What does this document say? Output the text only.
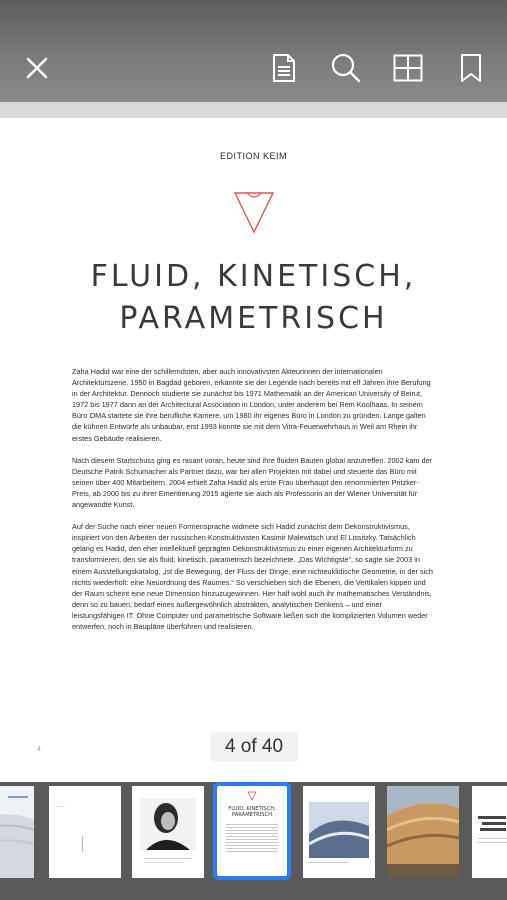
EDITION KEIM
FLUID, KINETISCH,
PARAMETRISCH

Zaha Hadid war eine der schillerndsten, aber auch innovativsten Akteurinnen der internationalen Architekturszene. 1950 in Bagdad geboren, erkannte sie der Legende nach bereits mit elf Jahren ihre Berufung in der Architektur. Dennoch studierte sie zunächst bis 1971 Mathematik an der American University of Beirut, 1972 bis 1977 dann an der Architectural Association in London, unter anderem bei Rem Koolhaas. In seinem Büro OMA startete sie ihre berufliche Karriere, um 1980 ihr eigenes Büro in London zu gründen. Lange galten die kühnen Entwürfe als unbaubar, erst 1993 konnte sie mit dem Vitra-Feuerwehrhaus in Weil am Rhein ihr erstes Gebäude realisieren.

Nach diesem Startschuss ging es rasant voran, heute sind ihre fluiden Bauten global anzutreffen. 2002 kam der Deutsche Patrik Schumacher als Partner dazu, war bei allen Projekten mit dabei und steuerte das Büro mit seinen über 400 Mitarbeitern. 2004 erhielt Zaha Hadid als erste Frau überhaupt den renommierten Pritzker-Preis, ab 2000 bis zu ihrer Emeritierung 2015 agierte sie auch als Professorin an der Wiener Universität für angewandte Kunst.

Auf der Suche nach einer neuen Formensprache widmete sich Hadid zunächst dem Dekonstruktivismus, inspiriert von den Arbeiten der russischen Konstruktivisten Kasimir Malewitsch und El Lissitzky. Tatsächlich gelang es Hadid, den eher intellektuell geprägten Dekonstruktivismus zu einer eigenen Architekturform zu transformieren, den sie als fluid, kinetisch, parametrisch bezeichnete. „Das Wichtigste“, so sagte sie 2003 in einem Ausstellungskatalog, „ist die Bewegung, der Fluss der Dinge, eine nichteuklidische Geometrie, in der sich nichts wiederholt: eine Neuordnung des Raumes.“ So verschieben sich die Ebenen, die Vertikalen kippen und der Raum scheint eine neue Dimension hinzuzugewinnen. Hier half wohl auch ihr mathematisches Verständnis, denn so zu bauen, bedarf eines außergewöhnlich abstrakten, analytischen Denkens – und einer leistungsfähigen IT. Ohne Computer und parametrische Software ließen sich die komplizierten Volumen weder entwerfen, noch in Baupläne überführen und realisieren.

4	4 of 40
FLUID, KINETISCH, PARAMETRISCH
